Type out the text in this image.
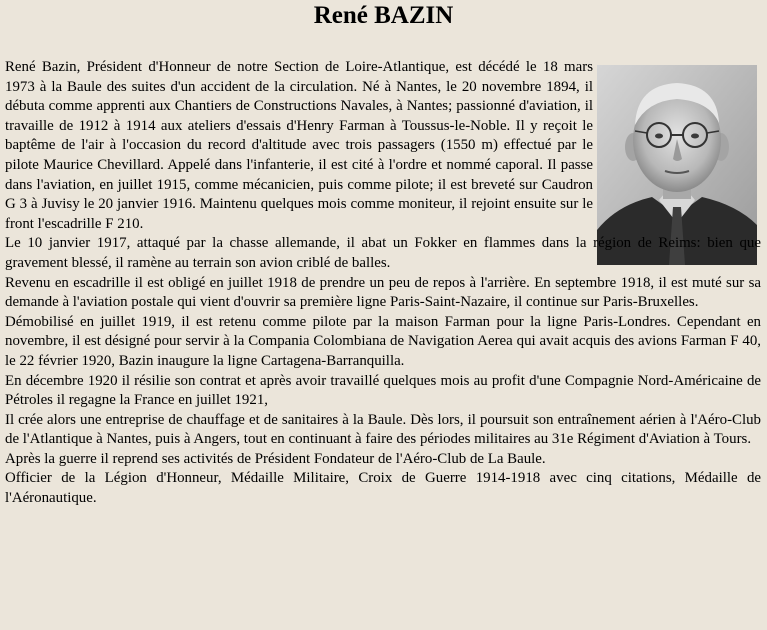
René BAZIN

René Bazin, Président d'Honneur de notre Section de Loire-Atlantique, est décédé le 18 mars 1973 à la Baule des suites d'un accident de la circulation. Né à Nantes, le 20 novembre 1894, il débuta comme apprenti aux Chantiers de Constructions Navales, à Nantes; passionné d'aviation, il travaille de 1912 à 1914 aux ateliers d'essais d'Henry Farman à Toussus-le-Noble. Il y reçoit le baptême de l'air à l'occasion du record d'altitude avec trois passagers (1550 m) effectué par le pilote Maurice Chevillard. Appelé dans l'infanterie, il est cité à l'ordre et nommé caporal. Il passe dans l'aviation, en juillet 1915, comme mécanicien, puis comme pilote; il est breveté sur Caudron G 3 à Juvisy le 20 janvier 1916. Maintenu quelques mois comme moniteur, il rejoint ensuite sur le front l'escadrille F 210.

Le 10 janvier 1917, attaqué par la chasse allemande, il abat un Fokker en flammes dans la région de Reims: bien que gravement blessé, il ramène au terrain son avion criblé de balles.

Revenu en escadrille il est obligé en juillet 1918 de prendre un peu de repos à l'arrière. En septembre 1918, il est muté sur sa demande à l'aviation postale qui vient d'ouvrir sa première ligne Paris-Saint-Nazaire, il continue sur Paris-Bruxelles.

Démobilisé en juillet 1919, il est retenu comme pilote par la maison Farman pour la ligne Paris-Londres. Cependant en novembre, il est désigné pour servir à la Compania Colombiana de Navigation Aerea qui avait acquis des avions Farman F 40, le 22 février 1920, Bazin inaugure la ligne Cartagena-Barranquilla.

En décembre 1920 il résilie son contrat et après avoir travaillé quelques mois au profit d'une Compagnie Nord-Américaine de Pétroles il regagne la France en juillet 1921,

Il crée alors une entreprise de chauffage et de sanitaires à la Baule. Dès lors, il poursuit son entraînement aérien à l'Aéro-Club de l'Atlantique à Nantes, puis à Angers, tout en continuant à faire des périodes militaires au 31e Régiment d'Aviation à Tours.

Après la guerre il reprend ses activités de Président Fondateur de l'Aéro-Club de La Baule.

Officier de la Légion d'Honneur, Médaille Militaire, Croix de Guerre 1914-1918 avec cinq citations, Médaille de l'Aéronautique.
